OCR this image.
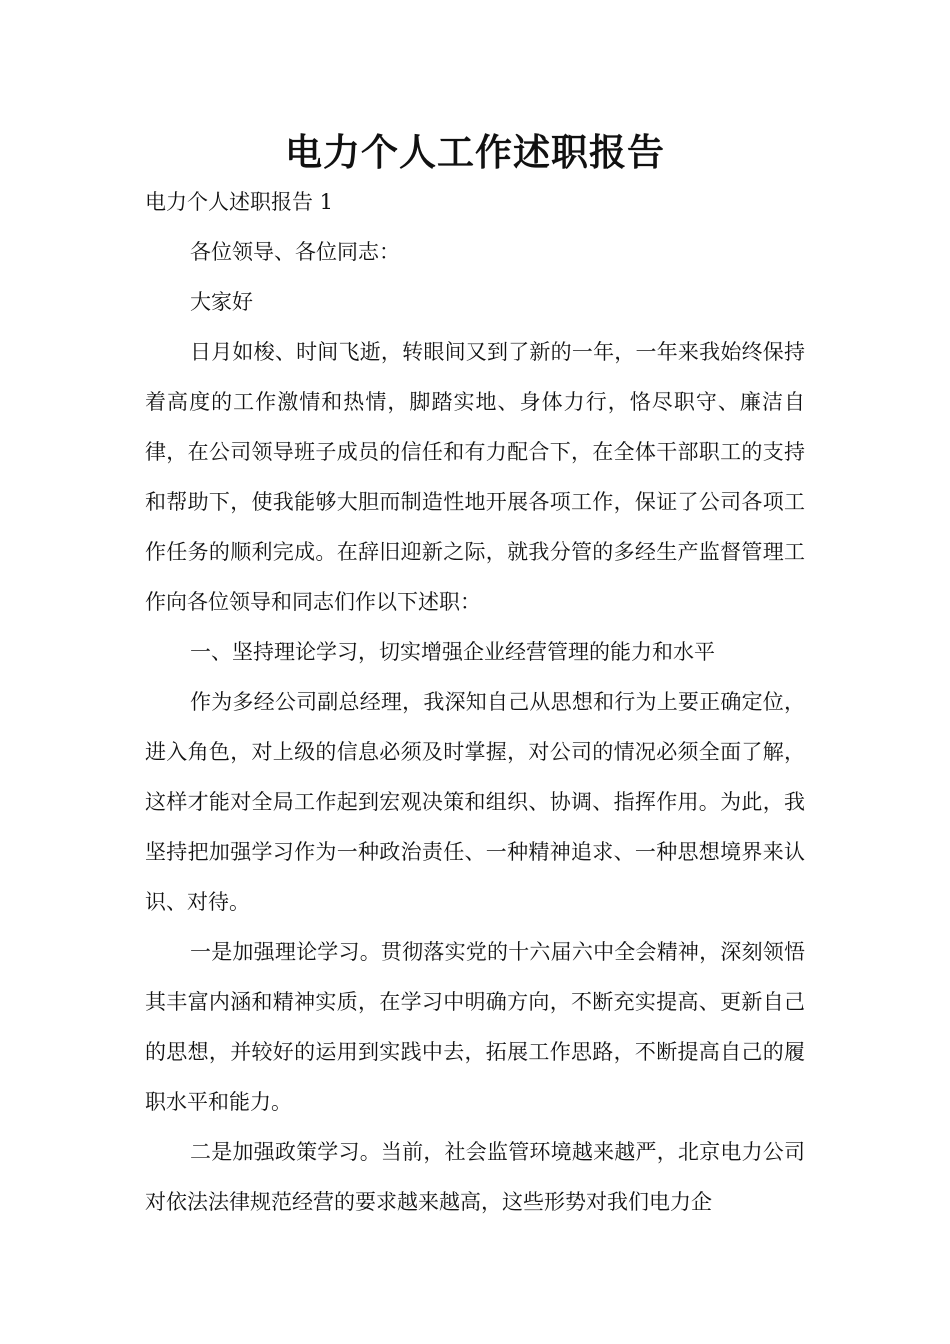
电力个人工作述职报告

电力个人述职报告 1

各位领导、各位同志：

大家好

日月如梭、时间飞逝，转眼间又到了新的一年，一年来我始终保持着高度的工作激情和热情，脚踏实地、身体力行，恪尽职守、廉洁自律，在公司领导班子成员的信任和有力配合下，在全体干部职工的支持和帮助下，使我能够大胆而制造性地开展各项工作，保证了公司各项工作任务的顺利完成。在辞旧迎新之际，就我分管的多经生产监督管理工作向各位领导和同志们作以下述职：

一、坚持理论学习，切实增强企业经营管理的能力和水平

作为多经公司副总经理，我深知自己从思想和行为上要正确定位，进入角色，对上级的信息必须及时掌握，对公司的情况必须全面了解，这样才能对全局工作起到宏观决策和组织、协调、指挥作用。为此，我坚持把加强学习作为一种政治责任、一种精神追求、一种思想境界来认识、对待。

一是加强理论学习。贯彻落实党的十六届六中全会精神，深刻领悟其丰富内涵和精神实质，在学习中明确方向，不断充实提高、更新自己的思想，并较好的运用到实践中去，拓展工作思路，不断提高自己的履职水平和能力。

二是加强政策学习。当前，社会监管环境越来越严，北京电力公司对依法法律规范经营的要求越来越高，这些形势对我们电力企
